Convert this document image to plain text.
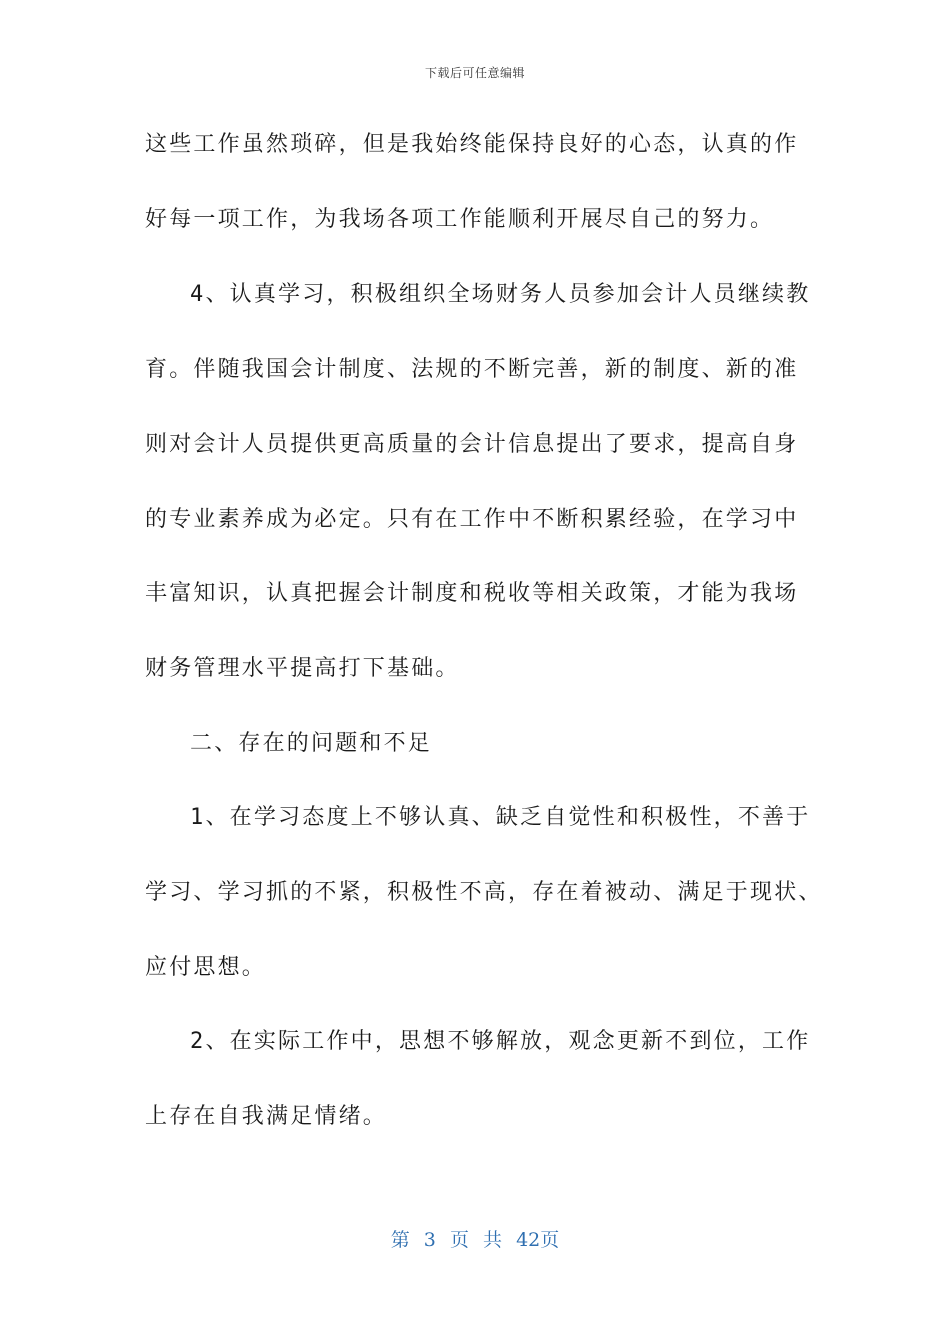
下载后可任意编辑
这些工作虽然琐碎，但是我始终能保持良好的心态，认真的作
好每一项工作，为我场各项工作能顺利开展尽自己的努力。
4、认真学习，积极组织全场财务人员参加会计人员继续教
育。伴随我国会计制度、法规的不断完善，新的制度、新的准
则对会计人员提供更高质量的会计信息提出了要求，提高自身
的专业素养成为必定。只有在工作中不断积累经验，在学习中
丰富知识，认真把握会计制度和税收等相关政策，才能为我场
财务管理水平提高打下基础。
二、存在的问题和不足
1、在学习态度上不够认真、缺乏自觉性和积极性，不善于
学习、学习抓的不紧，积极性不高，存在着被动、满足于现状、
应付思想。
2、在实际工作中，思想不够解放，观念更新不到位，工作
上存在自我满足情绪。
第 3 页 共 42页
